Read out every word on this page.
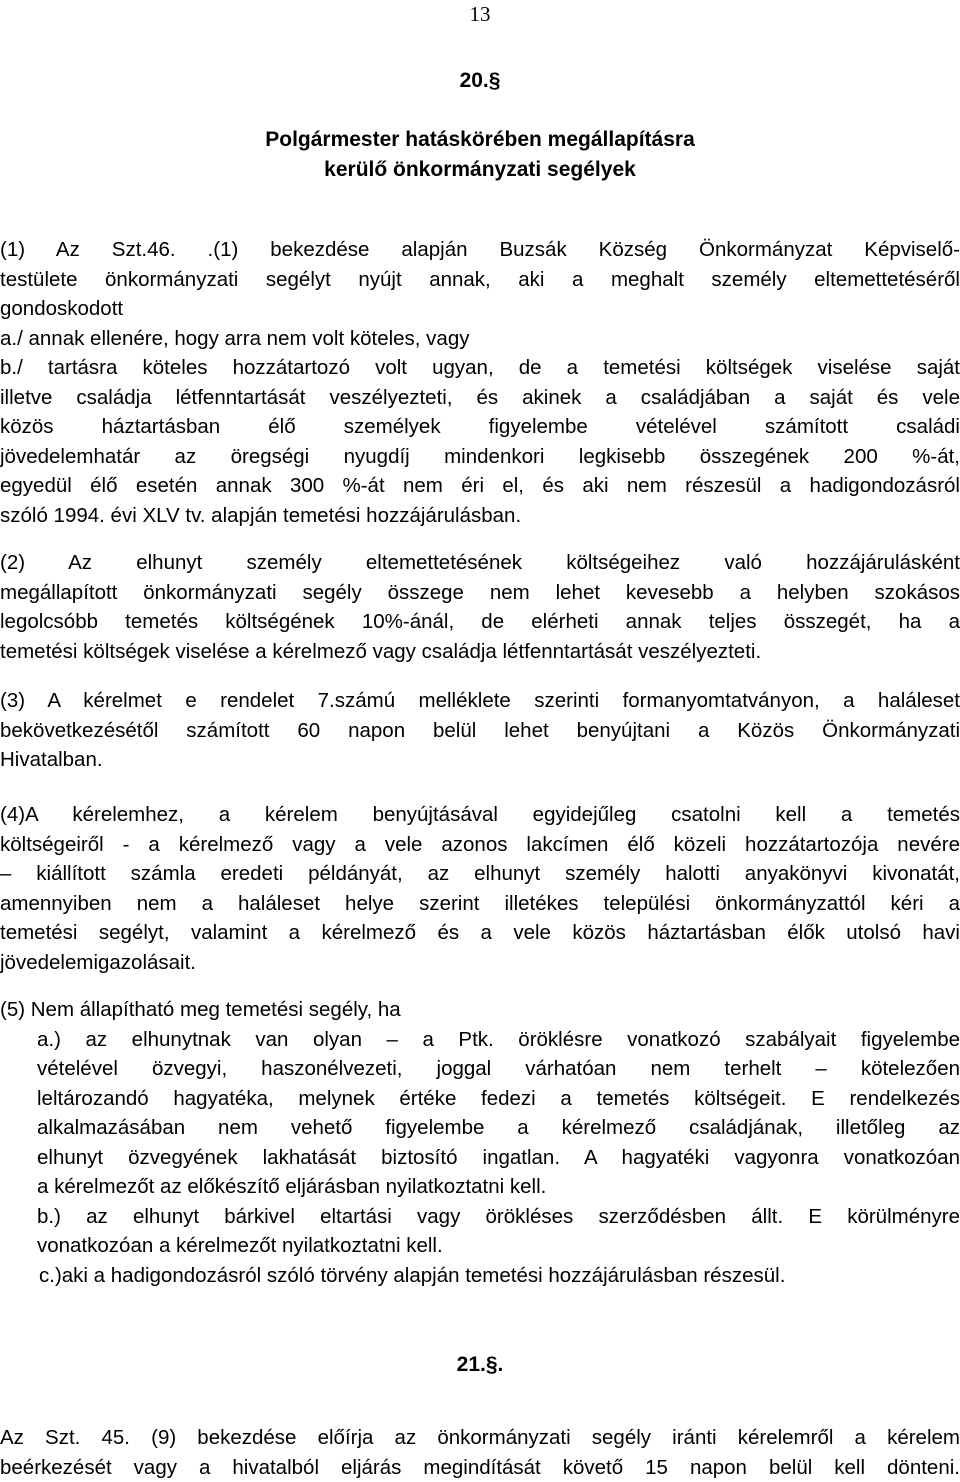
13
20.§
Polgármester hatáskörében megállapításra
kerülő önkormányzati segélyek
(1) Az Szt.46. .(1) bekezdése alapján Buzsák Község Önkormányzat Képviselő-
testülete önkormányzati segélyt nyújt annak, aki a meghalt személy eltemettetéséről
gondoskodott
a./ annak ellenére, hogy arra nem volt köteles, vagy
b./ tartásra köteles hozzátartozó volt ugyan, de a temetési költségek viselése saját
illetve családja létfenntartását veszélyezteti, és akinek a családjában a saját és vele
közös háztartásban élő személyek figyelembe vételével számított családi
jövedelemhatár az öregségi nyugdíj mindenkori legkisebb összegének 200 %-át,
egyedül élő esetén annak 300 %-át nem éri el, és aki nem részesül a hadigondozásról
szóló 1994. évi XLV tv. alapján temetési hozzájárulásban.
(2) Az elhunyt személy eltemettetésének költségeihez való hozzájárulásként
megállapított önkormányzati segély összege nem lehet kevesebb a helyben szokásos
legolcsóbb temetés költségének 10%-ánál, de elérheti annak teljes összegét, ha a
temetési költségek viselése a kérelmező vagy családja létfenntartását veszélyezteti.
(3) A kérelmet e rendelet 7.számú melléklete szerinti formanyomtatványon, a haláleset
bekövetkezésétől számított 60 napon belül lehet benyújtani a Közös Önkormányzati
Hivatalban.
(4)A kérelemhez, a kérelem benyújtásával egyidejűleg csatolni kell a temetés
költségeiről - a kérelmező vagy a vele azonos lakcímen élő közeli hozzátartozója nevére
– kiállított számla eredeti példányát, az elhunyt személy halotti anyakönyvi kivonatát,
amennyiben nem a haláleset helye szerint illetékes települési önkormányzattól kéri a
temetési segélyt, valamint a kérelmező és a vele közös háztartásban élők utolsó havi
jövedelemigazolásait.
(5) Nem állapítható meg temetési segély, ha
a.) az elhunytnak van olyan – a Ptk. öröklésre vonatkozó szabályait figyelembe
vételével özvegyi, haszonélvezeti, joggal várhatóan nem terhelt – kötelezően
leltározandó hagyatéka, melynek értéke fedezi a temetés költségeit. E rendelkezés
alkalmazásában nem vehető figyelembe a kérelmező családjának, illetőleg az
elhunyt özvegyének lakhatását biztosító ingatlan. A hagyatéki vagyonra vonatkozóan
a kérelmezőt az előkészítő eljárásban nyilatkoztatni kell.
b.) az elhunyt bárkivel eltartási vagy örökléses szerződésben állt. E körülményre
vonatkozóan a kérelmezőt nyilatkoztatni kell.
c.)aki a hadigondozásról szóló törvény alapján temetési hozzájárulásban részesül.
21.§.
Az Szt. 45. (9) bekezdése előírja az önkormányzati segély iránti kérelemről a kérelem
beérkezését vagy a hivatalból eljárás megindítását követő 15 napon belül kell dönteni.
